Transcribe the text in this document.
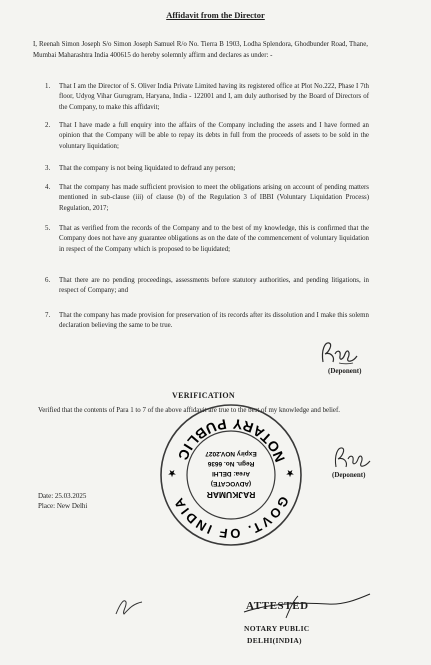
Affidavit from the Director
I, Reenah Simon Joseph S/o Simon Joseph Samuel R/o No. Tierra B 1903, Lodha Splendora, Ghodbunder Road, Thane, Mumbai Maharashtra India 400615 do hereby solemnly affirm and declares as under: -
1.	That I am the Director of S. Oliver India Private Limited having its registered office at Plot No.222, Phase I 7th floor, Udyog Vihar Gurugram, Haryana, India - 122001 and I, am duly authorised by the Board of Directors of the Company, to make this affidavit;
2.	That I have made a full enquiry into the affairs of the Company including the assets and I have formed an opinion that the Company will be able to repay its debts in full from the proceeds of assets to be sold in the voluntary liquidation;
3.	That the company is not being liquidated to defraud any person;
4.	That the company has made sufficient provision to meet the obligations arising on account of pending matters mentioned in sub-clause (iii) of clause (b) of the Regulation 3 of IBBI (Voluntary Liquidation Process) Regulation, 2017;
5.	That as verified from the records of the Company and to the best of my knowledge, this is confirmed that the Company does not have any guarantee obligations as on the date of the commencement of voluntary liquidation in respect of the Company which is proposed to be liquidated;
6.	That there are no pending proceedings, assessments before statutory authorities, and pending litigations, in respect of Company; and
7.	That the company has made provision for preservation of its records after its dissolution and I make this solemn declaration believing the same to be true.
(Deponent)
VERIFICATION
Verified that the contents of Para 1 to 7 of the above affidavit are true to the best of my knowledge and belief.
(Deponent)
Date: 25.03.2025
Place: New Delhi	GOVT. OF INDIA
NOTARY PUBLIC
★
★
RAJKUMAR
(ADVOCATE)
Area: DELHI
Regn. No. 6636
Expiry NOV.2027
ATTESTED
NOTARY PUBLIC
DELHI(INDIA)
